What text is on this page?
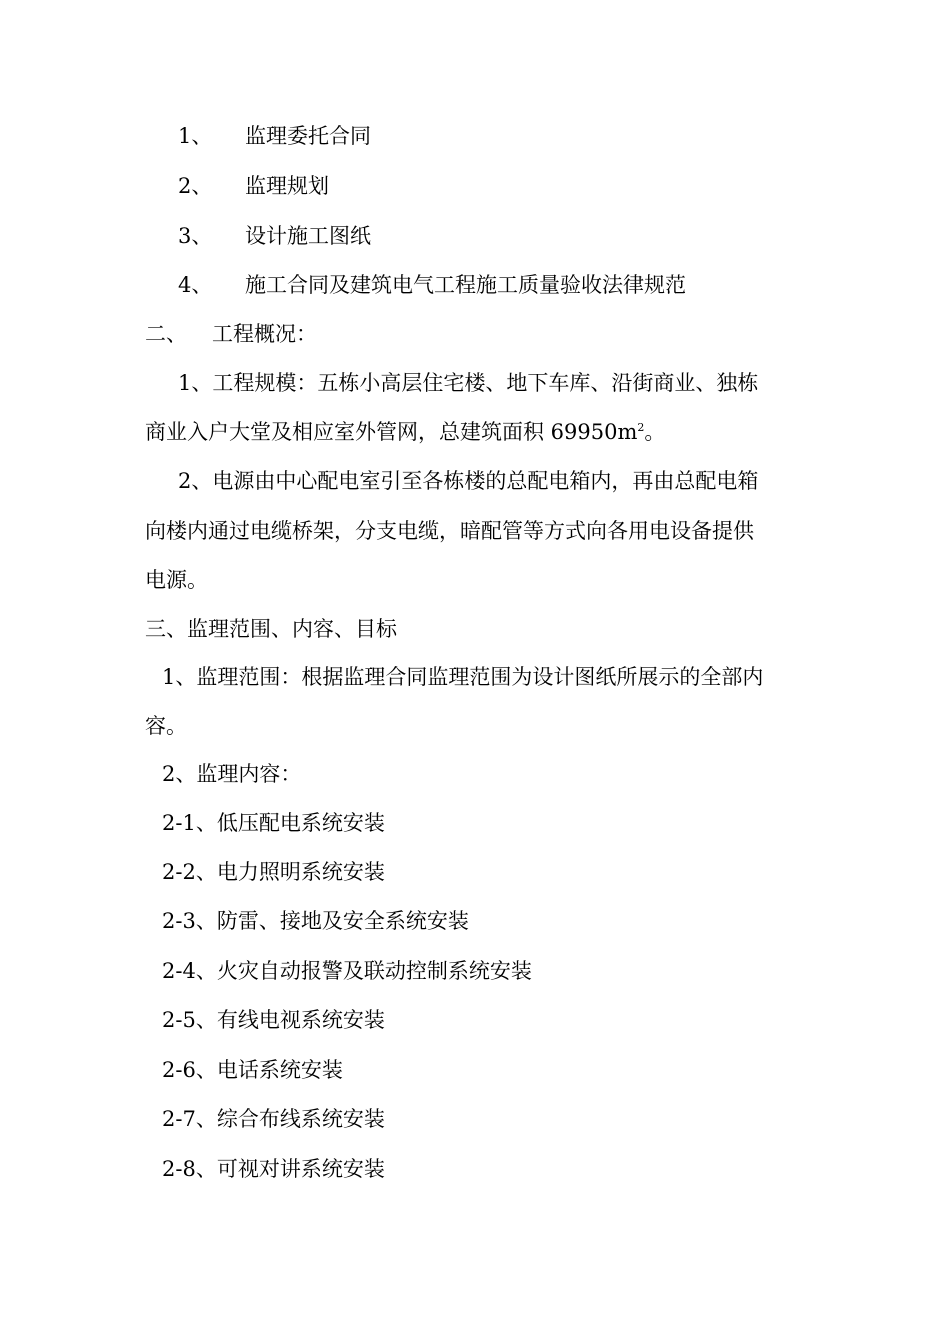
1、 监理委托合同
2、 监理规划
3、 设计施工图纸
4、 施工合同及建筑电气工程施工质量验收法律规范
二、 工程概况：
1、工程规模：五栋小高层住宅楼、地下车库、沿街商业、独栋
商业入户大堂及相应室外管网，总建筑面积 $69950m^2$。
2、电源由中心配电室引至各栋楼的总配电箱内，再由总配电箱
向楼内通过电缆桥架，分支电缆，暗配管等方式向各用电设备提供
电源。
三、监理范围、内容、目标
1、监理范围：根据监理合同监理范围为设计图纸所展示的全部内
容。
2、监理内容：
2-1、低压配电系统安装
2-2、电力照明系统安装
2-3、防雷、接地及安全系统安装
2-4、火灾自动报警及联动控制系统安装
2-5、有线电视系统安装
2-6、电话系统安装
2-7、综合布线系统安装
2-8、可视对讲系统安装
